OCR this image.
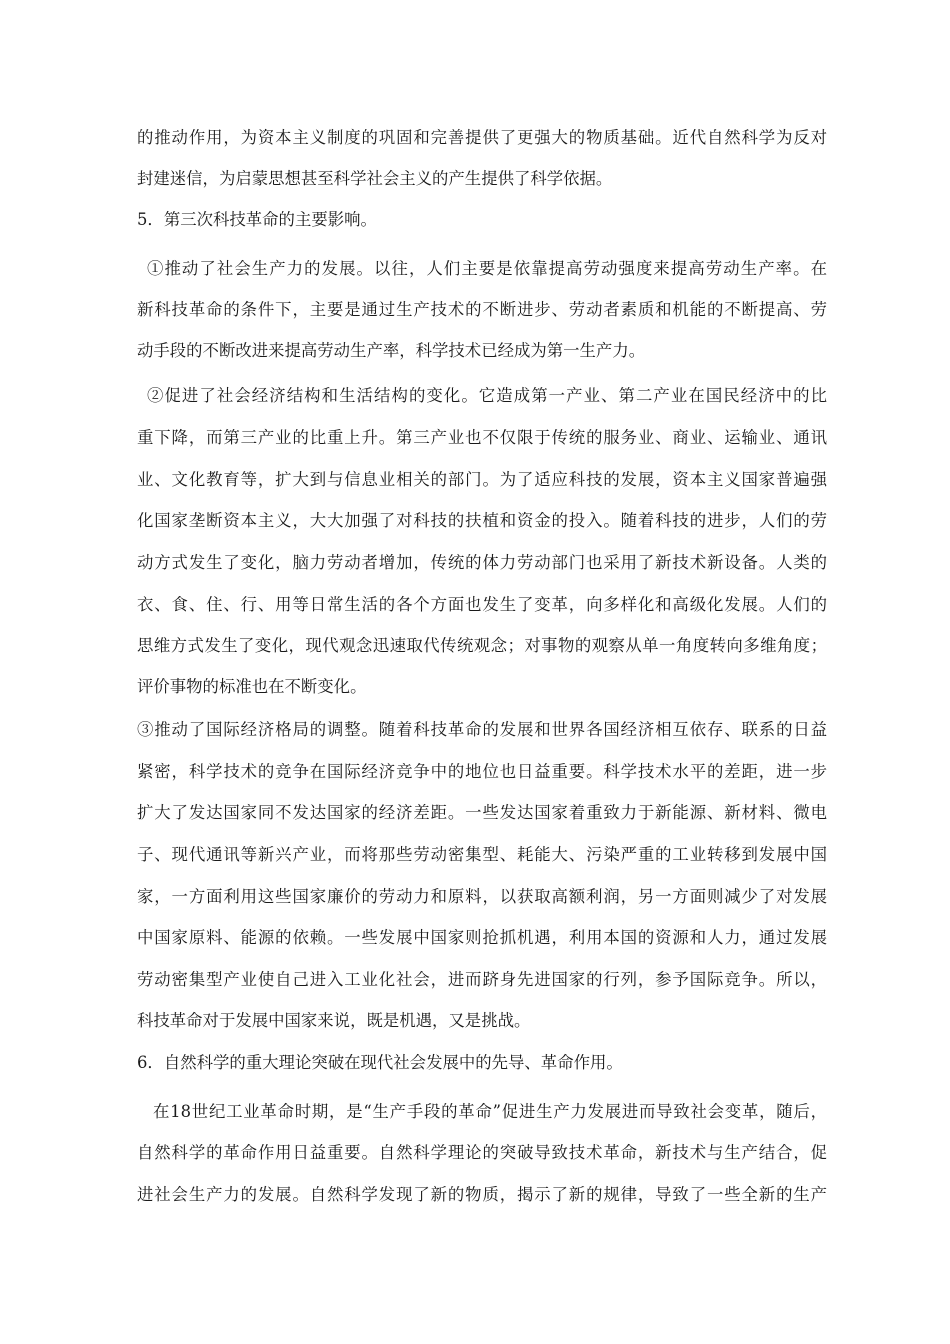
的推动作用，为资本主义制度的巩固和完善提供了更强大的物质基础。近代自然科学为反对
封建迷信，为启蒙思想甚至科学社会主义的产生提供了科学依据。
5．第三次科技革命的主要影响。
①推动了社会生产力的发展。以往，人们主要是依靠提高劳动强度来提高劳动生产率。在
新科技革命的条件下，主要是通过生产技术的不断进步、劳动者素质和机能的不断提高、劳
动手段的不断改进来提高劳动生产率，科学技术已经成为第一生产力。
②促进了社会经济结构和生活结构的变化。它造成第一产业、第二产业在国民经济中的比
重下降，而第三产业的比重上升。第三产业也不仅限于传统的服务业、商业、运输业、通讯
业、文化教育等，扩大到与信息业相关的部门。为了适应科技的发展，资本主义国家普遍强
化国家垄断资本主义，大大加强了对科技的扶植和资金的投入。随着科技的进步，人们的劳
动方式发生了变化，脑力劳动者增加，传统的体力劳动部门也采用了新技术新设备。人类的
衣、食、住、行、用等日常生活的各个方面也发生了变革，向多样化和高级化发展。人们的
思维方式发生了变化，现代观念迅速取代传统观念；对事物的观察从单一角度转向多维角度；
评价事物的标准也在不断变化。
③推动了国际经济格局的调整。随着科技革命的发展和世界各国经济相互依存、联系的日益
紧密，科学技术的竞争在国际经济竞争中的地位也日益重要。科学技术水平的差距，进一步
扩大了发达国家同不发达国家的经济差距。一些发达国家着重致力于新能源、新材料、微电
子、现代通讯等新兴产业，而将那些劳动密集型、耗能大、污染严重的工业转移到发展中国
家，一方面利用这些国家廉价的劳动力和原料，以获取高额利润，另一方面则减少了对发展
中国家原料、能源的依赖。一些发展中国家则抢抓机遇，利用本国的资源和人力，通过发展
劳动密集型产业使自己进入工业化社会，进而跻身先进国家的行列，参予国际竞争。所以，
科技革命对于发展中国家来说，既是机遇，又是挑战。
6．自然科学的重大理论突破在现代社会发展中的先导、革命作用。
在18世纪工业革命时期，是“生产手段的革命”促进生产力发展进而导致社会变革，随后，
自然科学的革命作用日益重要。自然科学理论的突破导致技术革命，新技术与生产结合，促
进社会生产力的发展。自然科学发现了新的物质，揭示了新的规律，导致了一些全新的生产
